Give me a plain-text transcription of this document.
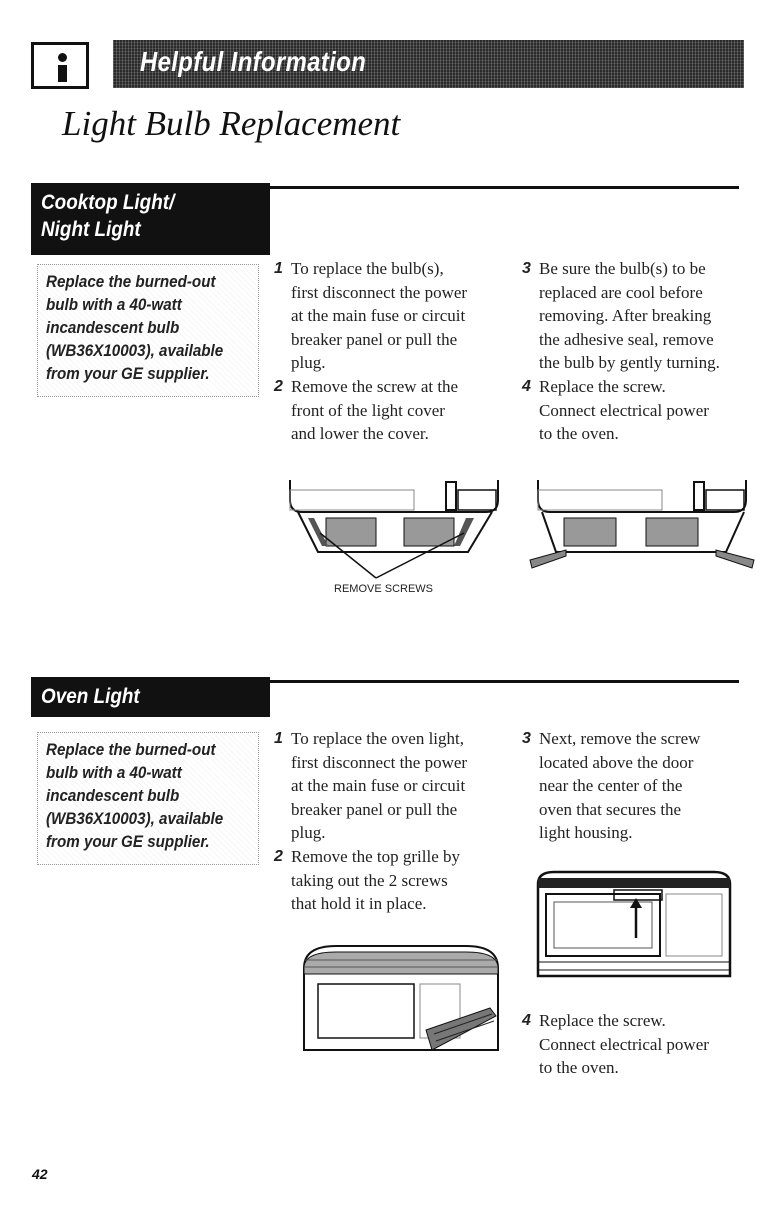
Helpful Information
Light Bulb Replacement
Cooktop Light/
Night Light
Replace the burned-out
bulb with a 40-watt
incandescent bulb
(WB36X10003), available
from your GE supplier.
1 To replace the bulb(s),
first disconnect the power
at the main fuse or circuit
breaker panel or pull the
plug.
2 Remove the screw at the
front of the light cover
and lower the cover.
3 Be sure the bulb(s) to be
replaced are cool before
removing. After breaking
the adhesive seal, remove
the bulb by gently turning.
4 Replace the screw.
Connect electrical power
to the oven.
REMOVE SCREWS
Oven Light
Replace the burned-out
bulb with a 40-watt
incandescent bulb
(WB36X10003), available
from your GE supplier.
1 To replace the oven light,
first disconnect the power
at the main fuse or circuit
breaker panel or pull the
plug.
2 Remove the top grille by
taking out the 2 screws
that hold it in place.
3 Next, remove the screw
located above the door
near the center of the
oven that secures the
light housing.
4 Replace the screw.
Connect electrical power
to the oven.
42
